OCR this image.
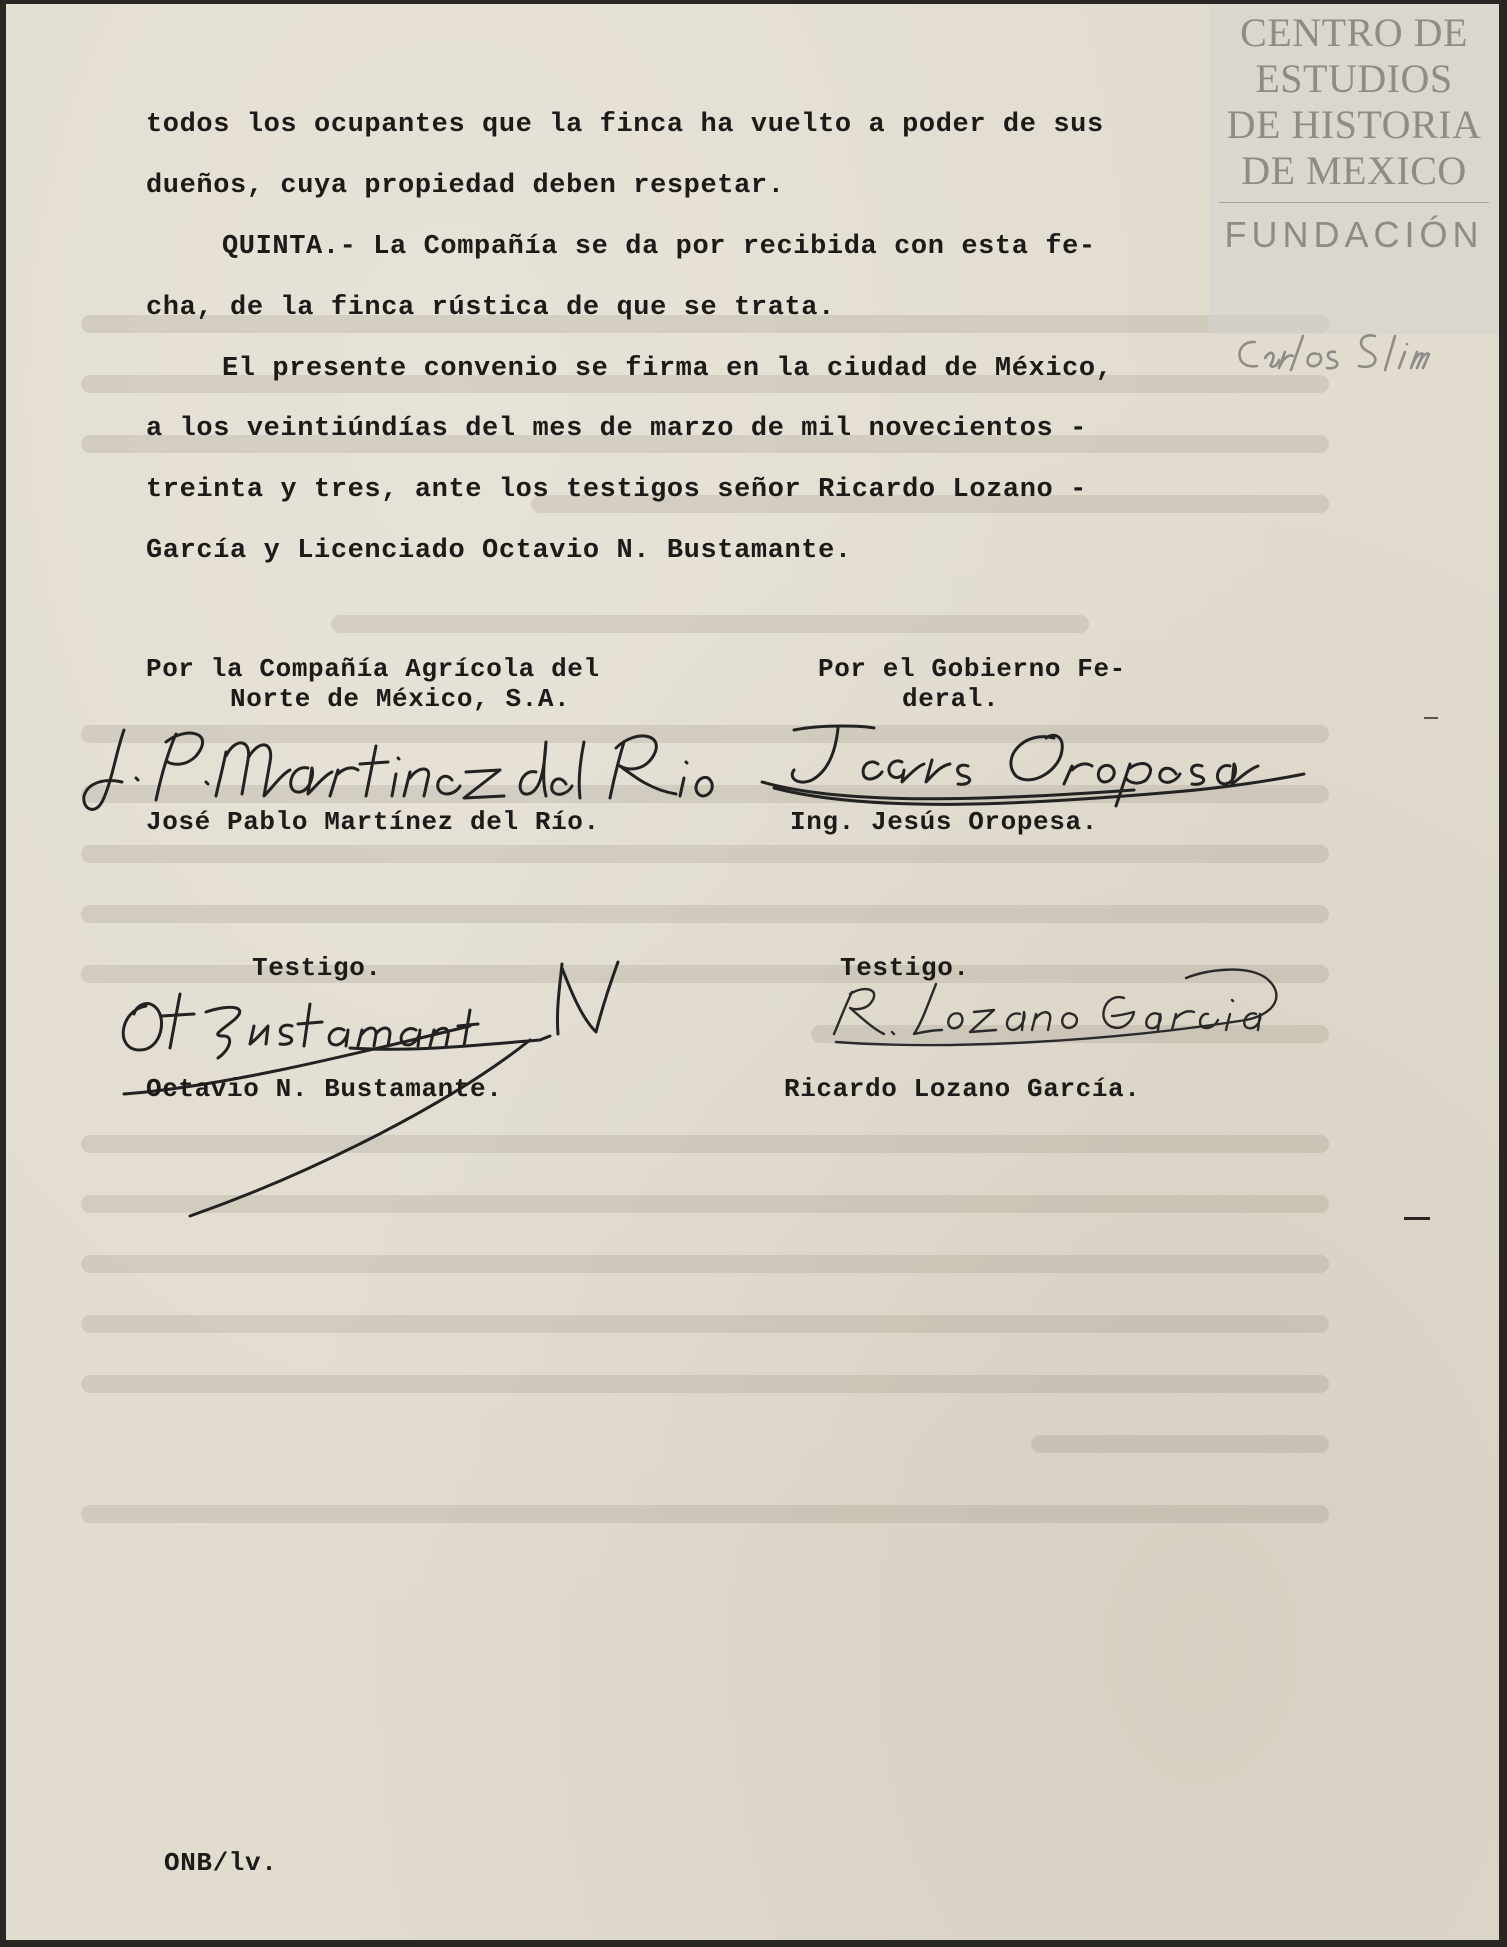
CENTRO DE
ESTUDIOS
DE HISTORIA
DE MEXICO
FUNDACIÓN
todos los ocupantes que la finca ha vuelto a poder de sus
dueños, cuya propiedad deben respetar.
QUINTA.- La Compañía se da por recibida con esta fe-
cha, de la finca rústica de que se trata.
El presente convenio se firma en la ciudad de México,
a los veintiúndías del mes de marzo de mil novecientos -
treinta y tres, ante los testigos señor Ricardo Lozano -
García y Licenciado Octavio N. Bustamante.
Por la Compañía Agrícola del
Norte de México, S.A.
Por el Gobierno Fe-
deral.
José Pablo Martínez del Río.	Ing. Jesús Oropesa.
Testigo.	Testigo.
Octavio N. Bustamante.	Ricardo Lozano García.
ONB/lv.
